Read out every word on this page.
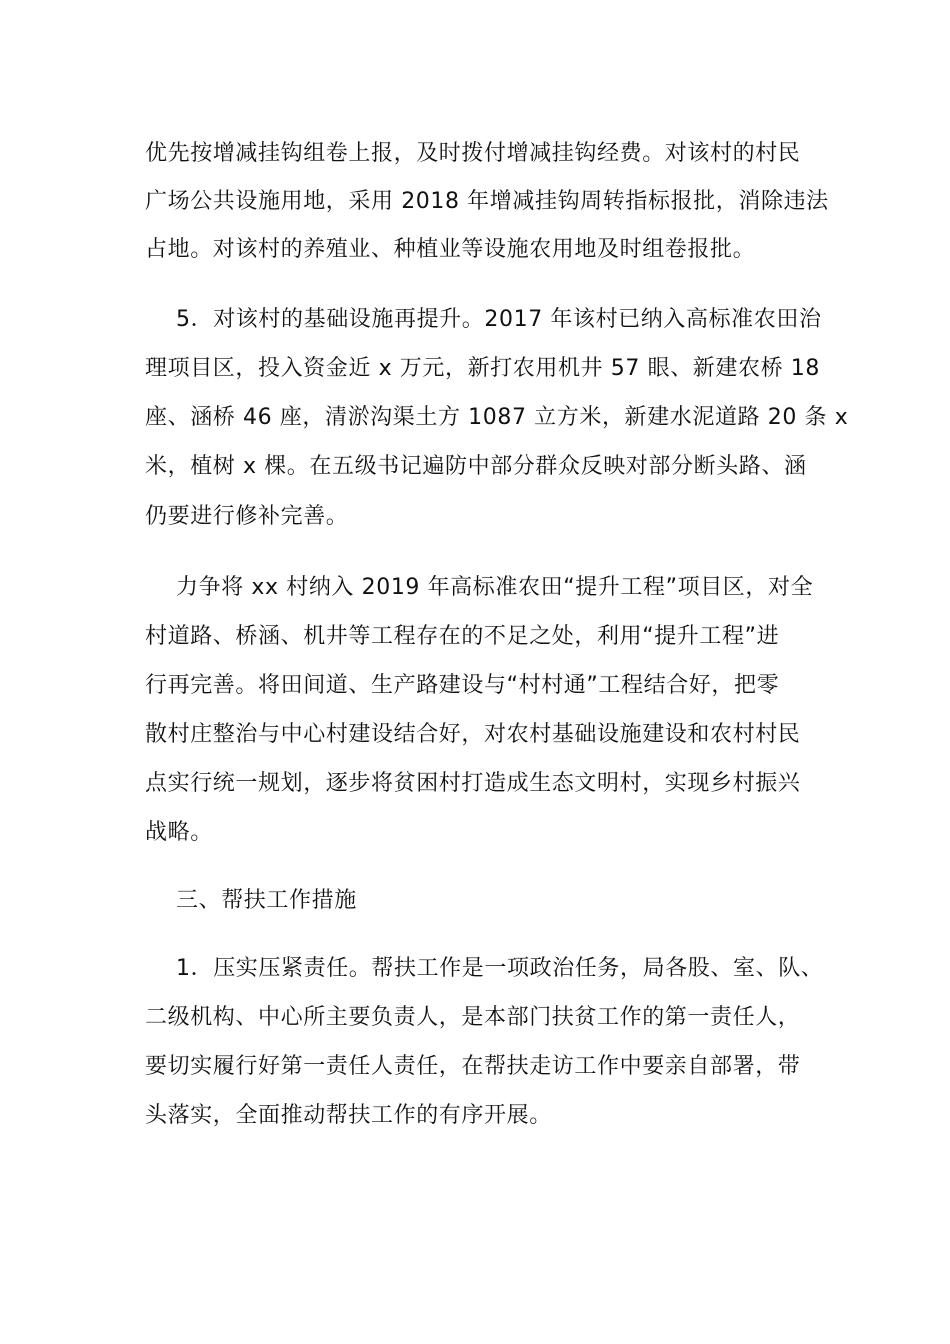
优先按增减挂钩组卷上报，及时拨付增减挂钩经费。对该村的村民
广场公共设施用地，采用 2018 年增减挂钩周转指标报批，消除违法
占地。对该村的养殖业、种植业等设施农用地及时组卷报批。
5．对该村的基础设施再提升。2017 年该村已纳入高标准农田治
理项目区，投入资金近 x 万元，新打农用机井 57 眼、新建农桥 18
座、涵桥 46 座，清淤沟渠土方 1087 立方米，新建水泥道路 20 条 x
米，植树 x 棵。在五级书记遍防中部分群众反映对部分断头路、涵
仍要进行修补完善。
力争将 xx 村纳入 2019 年高标准农田“提升工程”项目区，对全
村道路、桥涵、机井等工程存在的不足之处，利用“提升工程”进
行再完善。将田间道、生产路建设与“村村通”工程结合好，把零
散村庄整治与中心村建设结合好，对农村基础设施建设和农村村民
点实行统一规划，逐步将贫困村打造成生态文明村，实现乡村振兴
战略。
三、帮扶工作措施
1．压实压紧责任。帮扶工作是一项政治任务，局各股、室、队、
二级机构、中心所主要负责人，是本部门扶贫工作的第一责任人，
要切实履行好第一责任人责任，在帮扶走访工作中要亲自部署，带
头落实，全面推动帮扶工作的有序开展。
